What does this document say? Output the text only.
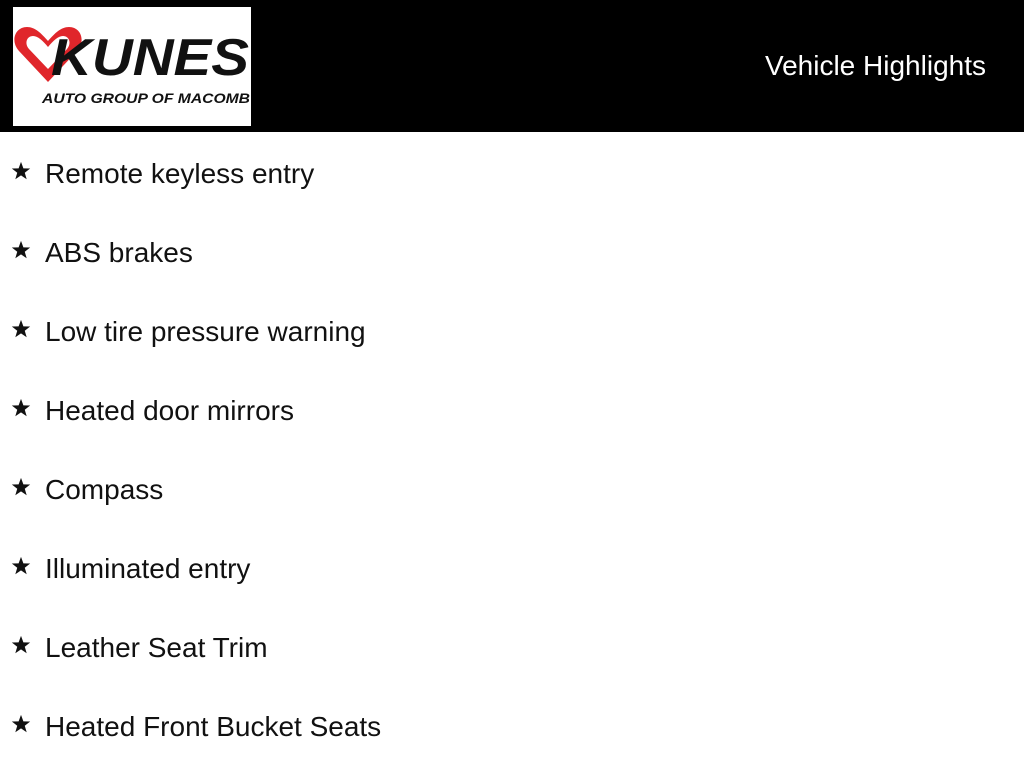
KUNES
AUTO GROUP OF MACOMB
Vehicle Highlights
Remote keyless entry
ABS brakes
Low tire pressure warning
Heated door mirrors
Compass
Illuminated entry
Leather Seat Trim
Heated Front Bucket Seats
